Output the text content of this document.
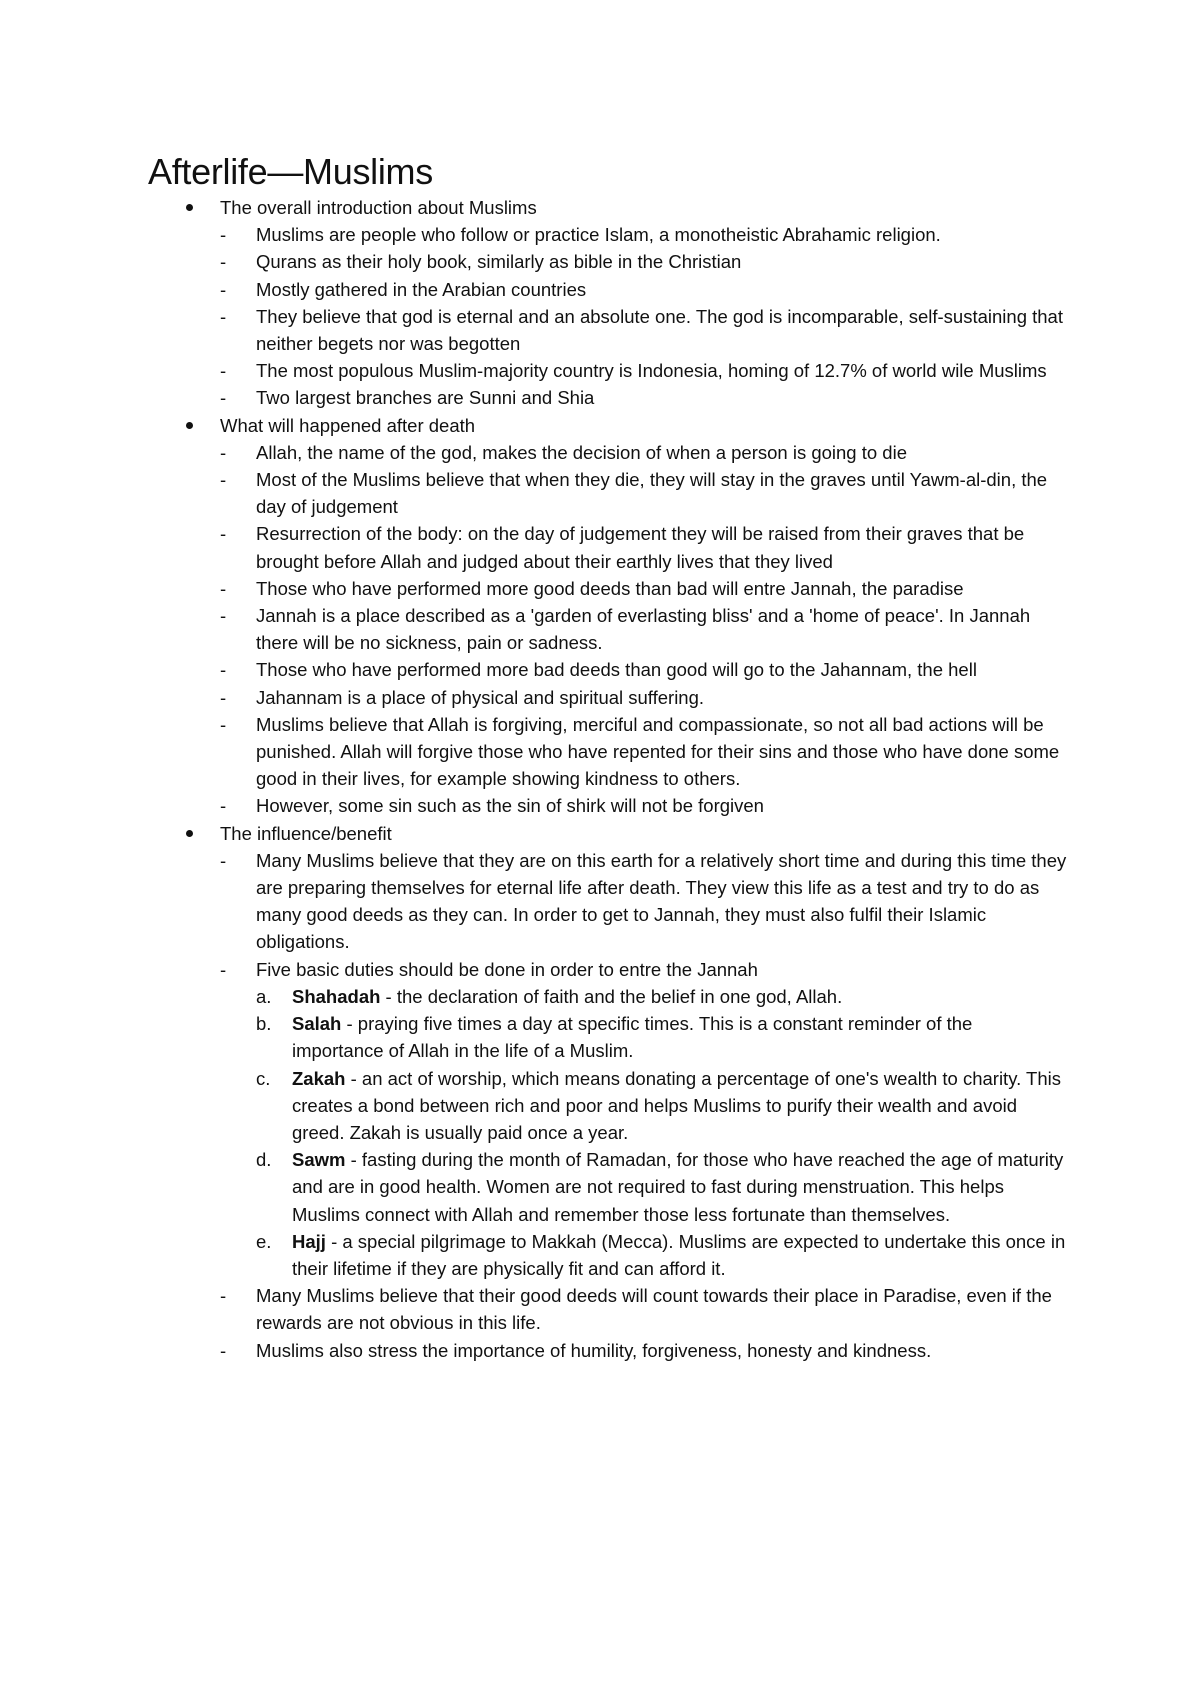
Afterlife—Muslims
The overall introduction about Muslims
-	Muslims are people who follow or practice Islam, a monotheistic Abrahamic religion.
-	Qurans as their holy book, similarly as bible in the Christian
-	Mostly gathered in the Arabian countries
-	They believe that god is eternal and an absolute one. The god is incomparable, self-sustaining that neither begets nor was begotten
-	The most populous Muslim-majority country is Indonesia, homing of 12.7% of world wile Muslims
-	Two largest branches are Sunni and Shia
What will happened after death
-	Allah, the name of the god, makes the decision of when a person is going to die
-	Most of the Muslims believe that when they die, they will stay in the graves until Yawm-al-din, the day of judgement
-	Resurrection of the body: on the day of judgement they will be raised from their graves that be brought before Allah and judged about their earthly lives that they lived
-	Those who have performed more good deeds than bad will entre Jannah, the paradise
-	Jannah is a place described as a 'garden of everlasting bliss' and a 'home of peace'. In Jannah there will be no sickness, pain or sadness.
-	Those who have performed more bad deeds than good will go to the Jahannam, the hell
-	Jahannam is a place of physical and spiritual suffering.
-	Muslims believe that Allah is forgiving, merciful and compassionate, so not all bad actions will be punished. Allah will forgive those who have repented for their sins and those who have done some good in their lives, for example showing kindness to others.
-	However, some sin such as the sin of shirk will not be forgiven
The influence/benefit
-	Many Muslims believe that they are on this earth for a relatively short time and during this time they are preparing themselves for eternal life after death. They view this life as a test and try to do as many good deeds as they can. In order to get to Jannah, they must also fulfil their Islamic obligations.
-	Five basic duties should be done in order to entre the Jannah
a.	Shahadah - the declaration of faith and the belief in one god, Allah.
b.	Salah - praying five times a day at specific times. This is a constant reminder of the importance of Allah in the life of a Muslim.
c.	Zakah - an act of worship, which means donating a percentage of one's wealth to charity. This creates a bond between rich and poor and helps Muslims to purify their wealth and avoid greed. Zakah is usually paid once a year.
d.	Sawm - fasting during the month of Ramadan, for those who have reached the age of maturity and are in good health. Women are not required to fast during menstruation. This helps Muslims connect with Allah and remember those less fortunate than themselves.
e.	Hajj - a special pilgrimage to Makkah (Mecca). Muslims are expected to undertake this once in their lifetime if they are physically fit and can afford it.
-	Many Muslims believe that their good deeds will count towards their place in Paradise, even if the rewards are not obvious in this life.
-	Muslims also stress the importance of humility, forgiveness, honesty and kindness.
